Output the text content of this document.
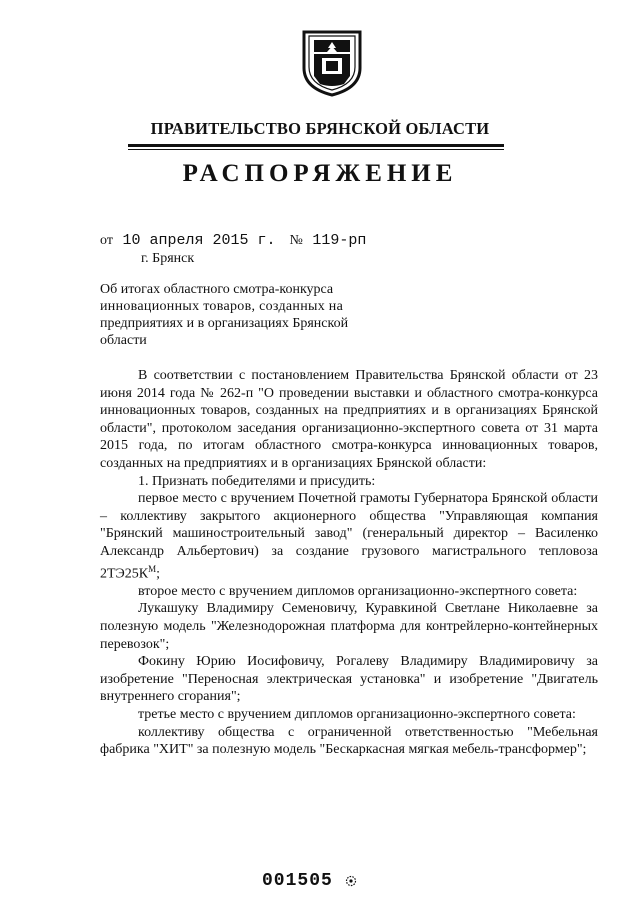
ПРАВИТЕЛЬСТВО БРЯНСКОЙ ОБЛАСТИ
РАСПОРЯЖЕНИЕ
от 10 апреля 2015 г. № 119-рп
г. Брянск
Об итогах областного смотра-конкурса
инновационных товаров, созданных на
предприятиях и в организациях Брянской
области

В соответствии с постановлением Правительства Брянской области от 23 июня 2014 года № 262-п "О проведении выставки и областного смотра-конкурса инновационных товаров, созданных на предприятиях и в организациях Брянской области", протоколом заседания организационно-экспертного совета от 31 марта 2015 года, по итогам областного смотра-конкурса инновационных товаров, созданных на предприятиях и в организациях Брянской области:

1. Признать победителями и присудить:

первое место с вручением Почетной грамоты Губернатора Брянской области – коллективу закрытого акционерного общества "Управляющая компания "Брянский машиностроительный завод" (генеральный директор – Василенко Александр Альбертович) за создание грузового магистрального тепловоза $2ТЭ25К^М$;

второе место с вручением дипломов организационно-экспертного совета:

Лукашуку Владимиру Семеновичу, Куравкиной Светлане Николаевне за полезную модель "Железнодорожная платформа для контрейлерно-контейнерных перевозок";

Фокину Юрию Иосифовичу, Рогалеву Владимиру Владимировичу за изобретение "Переносная электрическая установка" и изобретение "Двигатель внутреннего сгорания";

третье место с вручением дипломов организационно-экспертного совета:

коллективу общества с ограниченной ответственностью "Мебельная фабрика "ХИТ" за полезную модель "Бескаркасная мягкая мебель-трансформер";

001505
